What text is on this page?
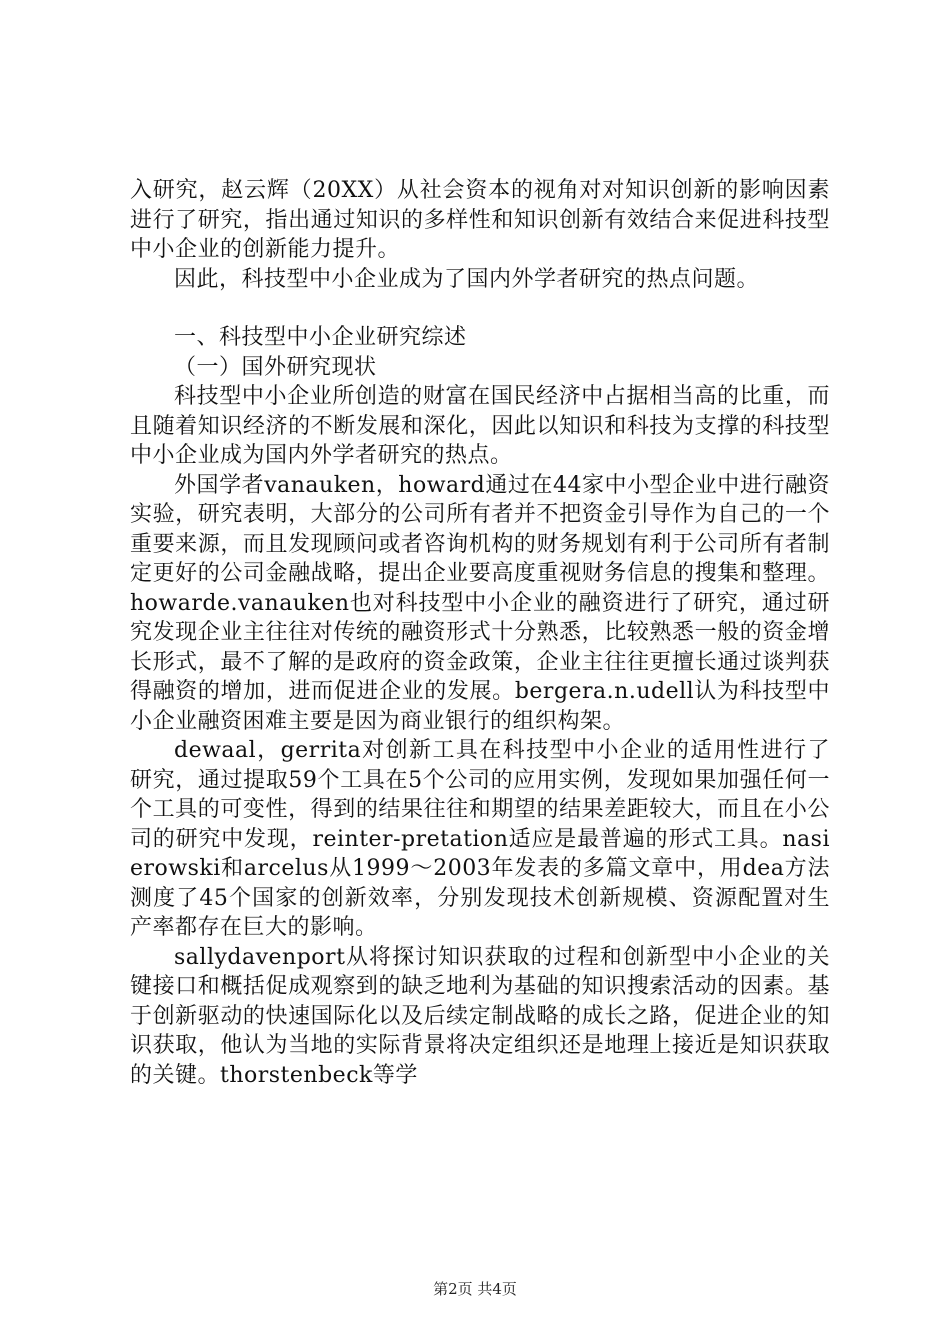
入研究，赵云辉（20XX）从社会资本的视角对对知识创新的影响因素进行了研究，指出通过知识的多样性和知识创新有效结合来促进科技型中小企业的创新能力提升。

因此，科技型中小企业成为了国内外学者研究的热点问题。

一、科技型中小企业研究综述

（一）国外研究现状

科技型中小企业所创造的财富在国民经济中占据相当高的比重，而且随着知识经济的不断发展和深化，因此以知识和科技为支撑的科技型中小企业成为国内外学者研究的热点。

外国学者vanauken，howard通过在44家中小型企业中进行融资实验，研究表明，大部分的公司所有者并不把资金引导作为自己的一个重要来源，而且发现顾问或者咨询机构的财务规划有利于公司所有者制定更好的公司金融战略，提出企业要高度重视财务信息的搜集和整理。howarde.vanauken也对科技型中小企业的融资进行了研究，通过研究发现企业主往往对传统的融资形式十分熟悉，比较熟悉一般的资金增长形式，最不了解的是政府的资金政策，企业主往往更擅长通过谈判获得融资的增加，进而促进企业的发展。bergera.n.udell认为科技型中小企业融资困难主要是因为商业银行的组织构架。

dewaal，gerrita对创新工具在科技型中小企业的适用性进行了研究，通过提取59个工具在5个公司的应用实例，发现如果加强任何一个工具的可变性，得到的结果往往和期望的结果差距较大，而且在小公司的研究中发现，reinter-pretation适应是最普遍的形式工具。nasierowski和arcelus从1999～2003年发表的多篇文章中，用dea方法测度了45个国家的创新效率，分别发现技术创新规模、资源配置对生产率都存在巨大的影响。

sallydavenport从将探讨知识获取的过程和创新型中小企业的关键接口和概括促成观察到的缺乏地利为基础的知识搜索活动的因素。基于创新驱动的快速国际化以及后续定制战略的成长之路，促进企业的知识获取，他认为当地的实际背景将决定组织还是地理上接近是知识获取的关键。thorstenbeck等学

第2页 共4页
